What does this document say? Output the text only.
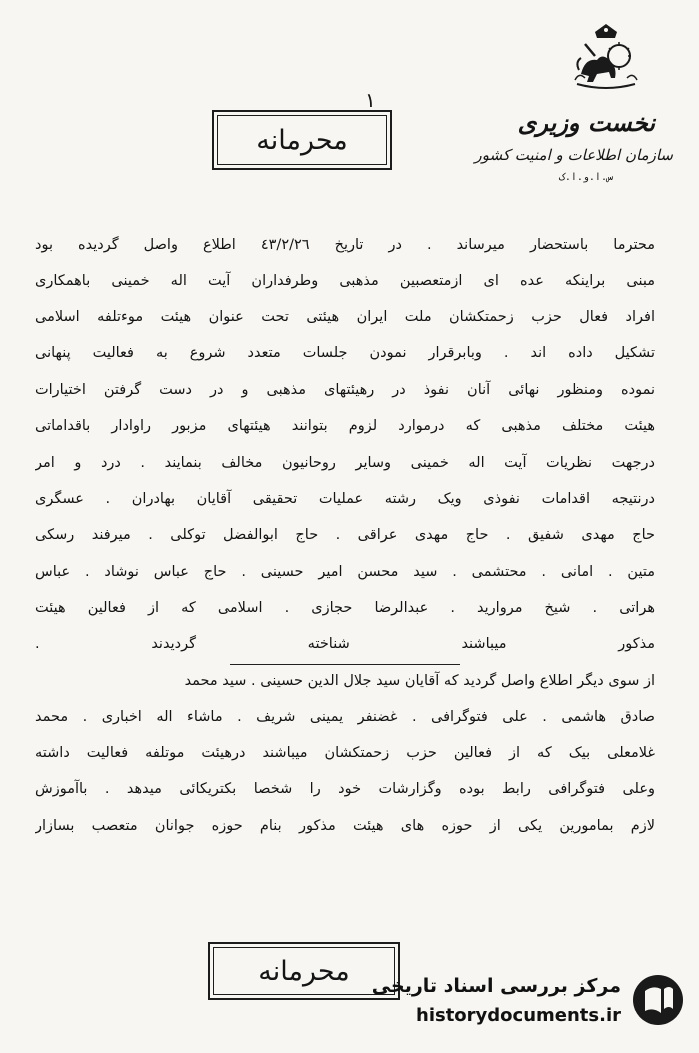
نخست وزیری
سازمان اطلاعات و امنیت کشور
س.ا.و.ا.ک
١
محرمانه
محترما باستحضار میرساند . در تاریخ ٤٣/٢/٢٦ اطلاع واصل گردیده بود
مبنی براینکه عده ای ازمتعصبین مذهبی وطرفداران آیت اله خمینی باهمکاری
افراد فعال حزب زحمتکشان ملت ایران هیئتی تحت عنوان هیئت موءتلفه اسلامی
تشکیل داده اند . وبابرقرار نمودن جلسات متعدد شروع به فعالیت پنهانی
نموده ومنظور نهائی آنان نفوذ در رهیئتهای مذهبی و در دست گرفتن اختیارات
هیئت مختلف مذهبی که درموارد لزوم بتوانند هیئتهای مزبور راوادار باقداماتی
درجهت نظریات آیت اله خمینی وسایر روحانیون مخالف بنمایند . درد و امر
درنتیجه اقدامات نفوذی ویک رشته عملیات تحقیقی آقایان بهادران . عسگری
حاج مهدی شفیق . حاج مهدی عراقی . حاج ابوالفضل توکلی . میرفند رسکی
متین . امانی . محتشمی . سید محسن امیر حسینی . حاج عباس نوشاد . عباس
هراتی . شیخ مروارید . عبدالرضا حجازی . اسلامی که از فعالین هیئت
مذکور میباشند شناخته گردیدند .
از سوی دیگر اطلاع واصل گردید که آقایان سید جلال الدین حسینی . سید محمد
صادق هاشمی . علی فتوگرافی . غضنفر یمینی شریف . ماشاء اله اخباری . محمد
غلامعلی بیک که از فعالین حزب زحمتکشان میباشند درهیئت موتلفه فعالیت داشته
وعلی فتوگرافی رابط بوده وگزارشات خود را شخصا بکتریکائی میدهد . باآموزش
لازم بمامورین یکی از حوزه های هیئت مذکور بنام حوزه جوانان متعصب بسازار
محرمانه مرکز بررسی اسناد تاریخی
historydocuments.ir
